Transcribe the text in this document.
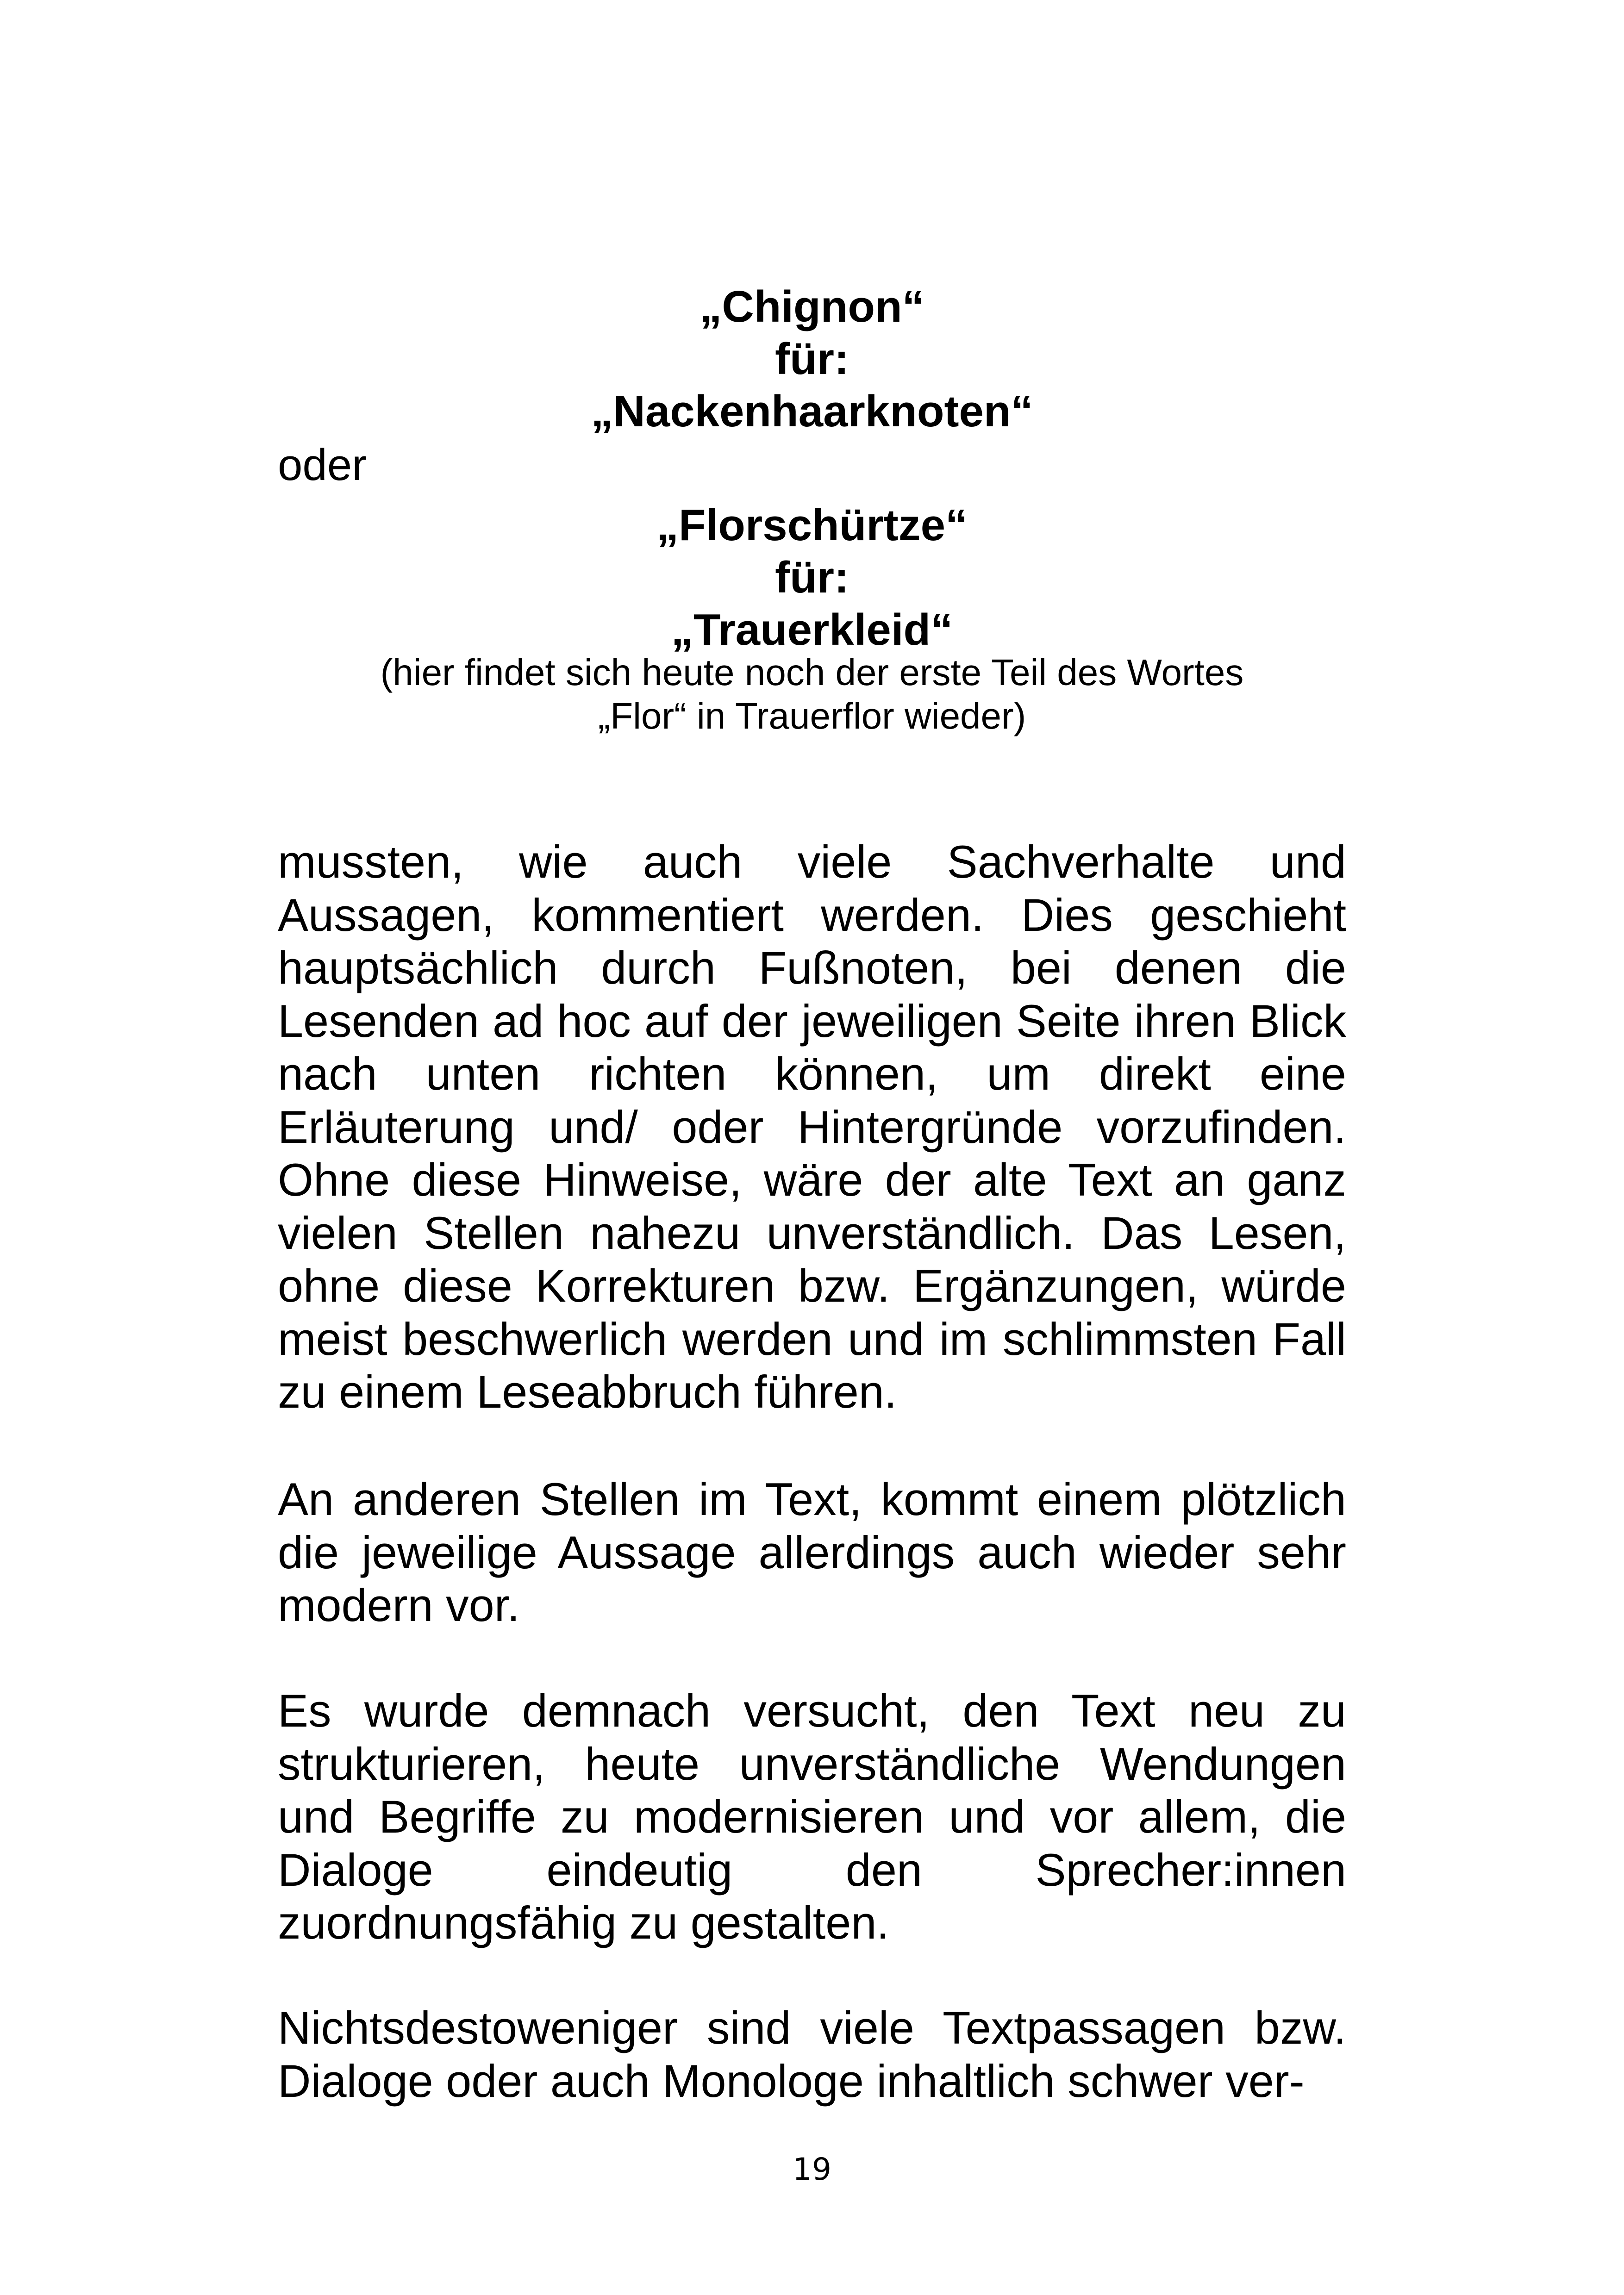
„Chignon“
für:
„Nackenhaarknoten“
oder
„Florschürtze“
für:
„Trauerkleid“
(hier findet sich heute noch der erste Teil des Wortes
„Flor“ in Trauerflor wieder)

mussten, wie auch viele Sachverhalte und Aussagen, kommentiert werden. Dies geschieht hauptsächlich durch Fußnoten, bei denen die Lesenden ad hoc auf der jeweiligen Seite ihren Blick nach unten richten können, um direkt eine Erläuterung und/ oder Hintergründe vorzufinden. Ohne diese Hinweise, wäre der alte Text an ganz vielen Stellen nahezu unverständlich. Das Lesen, ohne diese Korrekturen bzw. Ergänzungen, würde meist beschwerlich werden und im schlimmsten Fall zu einem Leseabbruch führen.

An anderen Stellen im Text, kommt einem plötzlich die jeweilige Aussage allerdings auch wieder sehr modern vor.

Es wurde demnach versucht, den Text neu zu strukturieren, heute unverständliche Wendungen und Begriffe zu modernisieren und vor allem, die Dialoge eindeutig den Sprecher:innen zuordnungsfähig zu gestalten.

Nichtsdestoweniger sind viele Textpassagen bzw. Dialoge oder auch Monologe inhaltlich schwer ver-

19
